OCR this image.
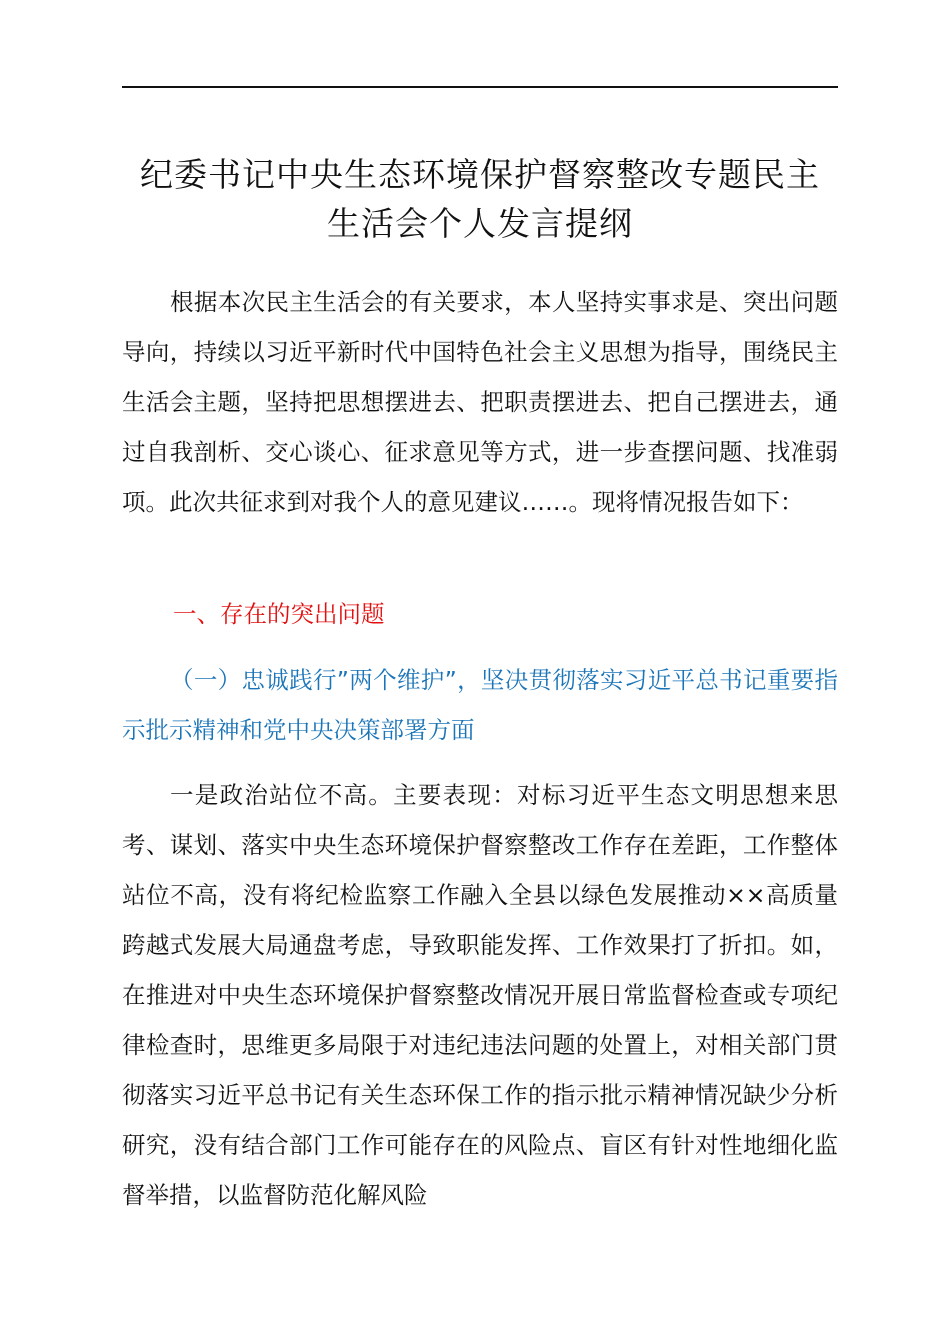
纪委书记中央生态环境保护督察整改专题民主
生活会个人发言提纲

根据本次民主生活会的有关要求，本人坚持实事求是、突出问题导向，持续以习近平新时代中国特色社会主义思想为指导，围绕民主生活会主题，坚持把思想摆进去、把职责摆进去、把自己摆进去，通过自我剖析、交心谈心、征求意见等方式，进一步查摆问题、找准弱项。此次共征求到对我个人的意见建议……。现将情况报告如下：

一、存在的突出问题
（一）忠诚践行”两个维护”，坚决贯彻落实习近平总书记重要指示批示精神和党中央决策部署方面

一是政治站位不高。主要表现：对标习近平生态文明思想来思考、谋划、落实中央生态环境保护督察整改工作存在差距，工作整体站位不高，没有将纪检监察工作融入全县以绿色发展推动××高质量跨越式发展大局通盘考虑，导致职能发挥、工作效果打了折扣。如，在推进对中央生态环境保护督察整改情况开展日常监督检查或专项纪律检查时，思维更多局限于对违纪违法问题的处置上，对相关部门贯彻落实习近平总书记有关生态环保工作的指示批示精神情况缺少分析研究，没有结合部门工作可能存在的风险点、盲区有针对性地细化监督举措，以监督防范化解风险
